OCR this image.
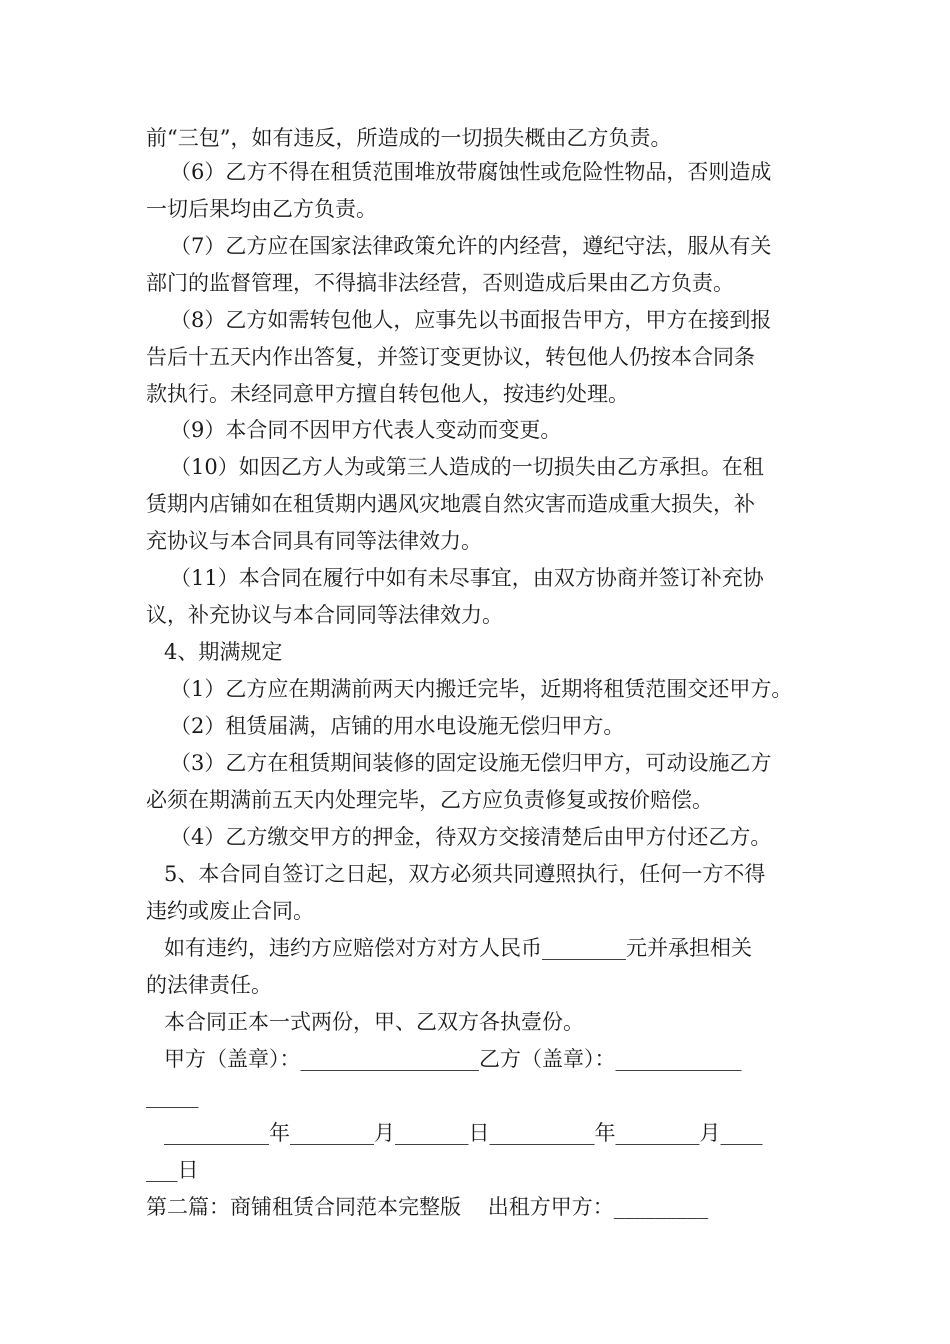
前“三包”，如有违反，所造成的一切损失概由乙方负责。
（6）乙方不得在租赁范围堆放带腐蚀性或危险性物品，否则造成
一切后果均由乙方负责。
（7）乙方应在国家法律政策允许的内经营，遵纪守法，服从有关
部门的监督管理，不得搞非法经营，否则造成后果由乙方负责。
（8）乙方如需转包他人，应事先以书面报告甲方，甲方在接到报
告后十五天内作出答复，并签订变更协议，转包他人仍按本合同条
款执行。未经同意甲方擅自转包他人，按违约处理。
（9）本合同不因甲方代表人变动而变更。
（10）如因乙方人为或第三人造成的一切损失由乙方承担。在租
赁期内店铺如在租赁期内遇风灾地震自然灾害而造成重大损失，补
充协议与本合同具有同等法律效力。
（11）本合同在履行中如有未尽事宜，由双方协商并签订补充协
议，补充协议与本合同同等法律效力。
4、期满规定
（1）乙方应在期满前两天内搬迁完毕，近期将租赁范围交还甲方。
（2）租赁届满，店铺的用水电设施无偿归甲方。
（3）乙方在租赁期间装修的固定设施无偿归甲方，可动设施乙方
必须在期满前五天内处理完毕，乙方应负责修复或按价赔偿。
（4）乙方缴交甲方的押金，待双方交接清楚后由甲方付还乙方。
5、本合同自签订之日起，双方必须共同遵照执行，任何一方不得
违约或废止合同。
如有违约，违约方应赔偿对方对方人民币________元并承担相关
的法律责任。
本合同正本一式两份，甲、乙双方各执壹份。
甲方（盖章）：_________________乙方（盖章）：____________
_____
__________年________月_______日__________年________月____
___日
第二篇：商铺租赁合同范本完整版    出租方甲方：_________
